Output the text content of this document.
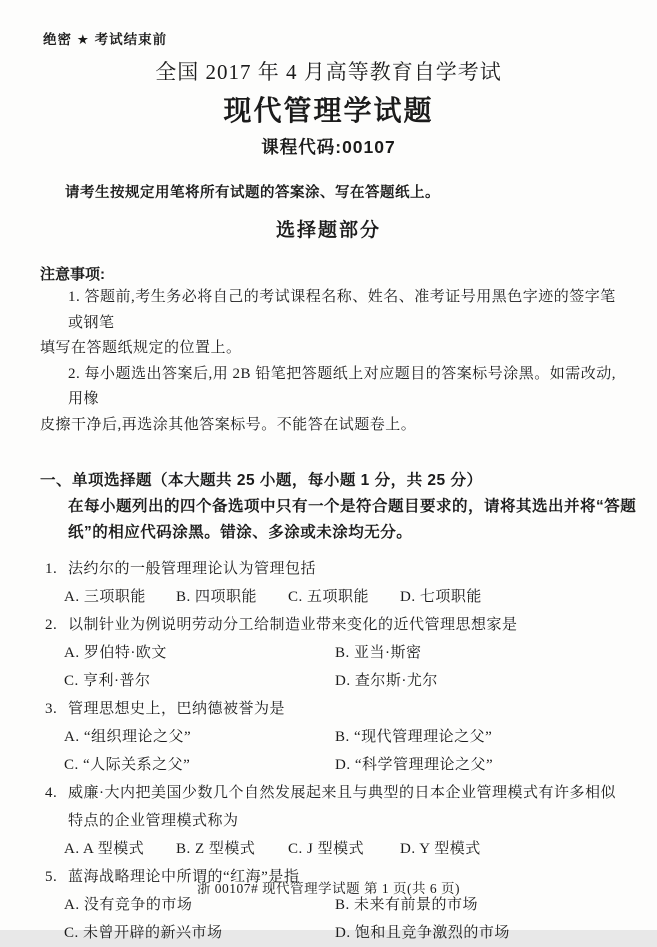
绝密 ★ 考试结束前
全国 2017 年 4 月高等教育自学考试
现代管理学试题
课程代码:00107
请考生按规定用笔将所有试题的答案涂、写在答题纸上。
选择题部分
注意事项:
1. 答题前,考生务必将自己的考试课程名称、姓名、准考证号用黑色字迹的签字笔或钢笔
填写在答题纸规定的位置上。
2. 每小题选出答案后,用 2B 铅笔把答题纸上对应题目的答案标号涂黑。如需改动,用橡
皮擦干净后,再选涂其他答案标号。不能答在试题卷上。
一、 单项选择题（本大题共 25 小题，每小题 1 分，共 25 分）
在每小题列出的四个备选项中只有一个是符合题目要求的，请将其选出并将“答题
纸”的相应代码涂黑。错涂、多涂或未涂均无分。
1. 法约尔的一般管理理论认为管理包括
A. 三项职能	B. 四项职能	C. 五项职能	D. 七项职能
2. 以制针业为例说明劳动分工给制造业带来变化的近代管理思想家是
A. 罗伯特·欧文	B. 亚当·斯密
C. 亨利·普尔	D. 查尔斯·尤尔
3. 管理思想史上，巴纳德被誉为是
A. “组织理论之父”	B. “现代管理理论之父”
C. “人际关系之父”	D. “科学管理理论之父”
4. 威廉·大内把美国少数几个自然发展起来且与典型的日本企业管理模式有许多相似
特点的企业管理模式称为
A. A 型模式	B. Z 型模式	C. J 型模式	D. Y 型模式
5. 蓝海战略理论中所谓的“红海”是指
A. 没有竞争的市场	B. 未来有前景的市场
C. 未曾开辟的新兴市场	D. 饱和且竞争激烈的市场
浙 00107# 现代管理学试题 第 1 页(共 6 页)
